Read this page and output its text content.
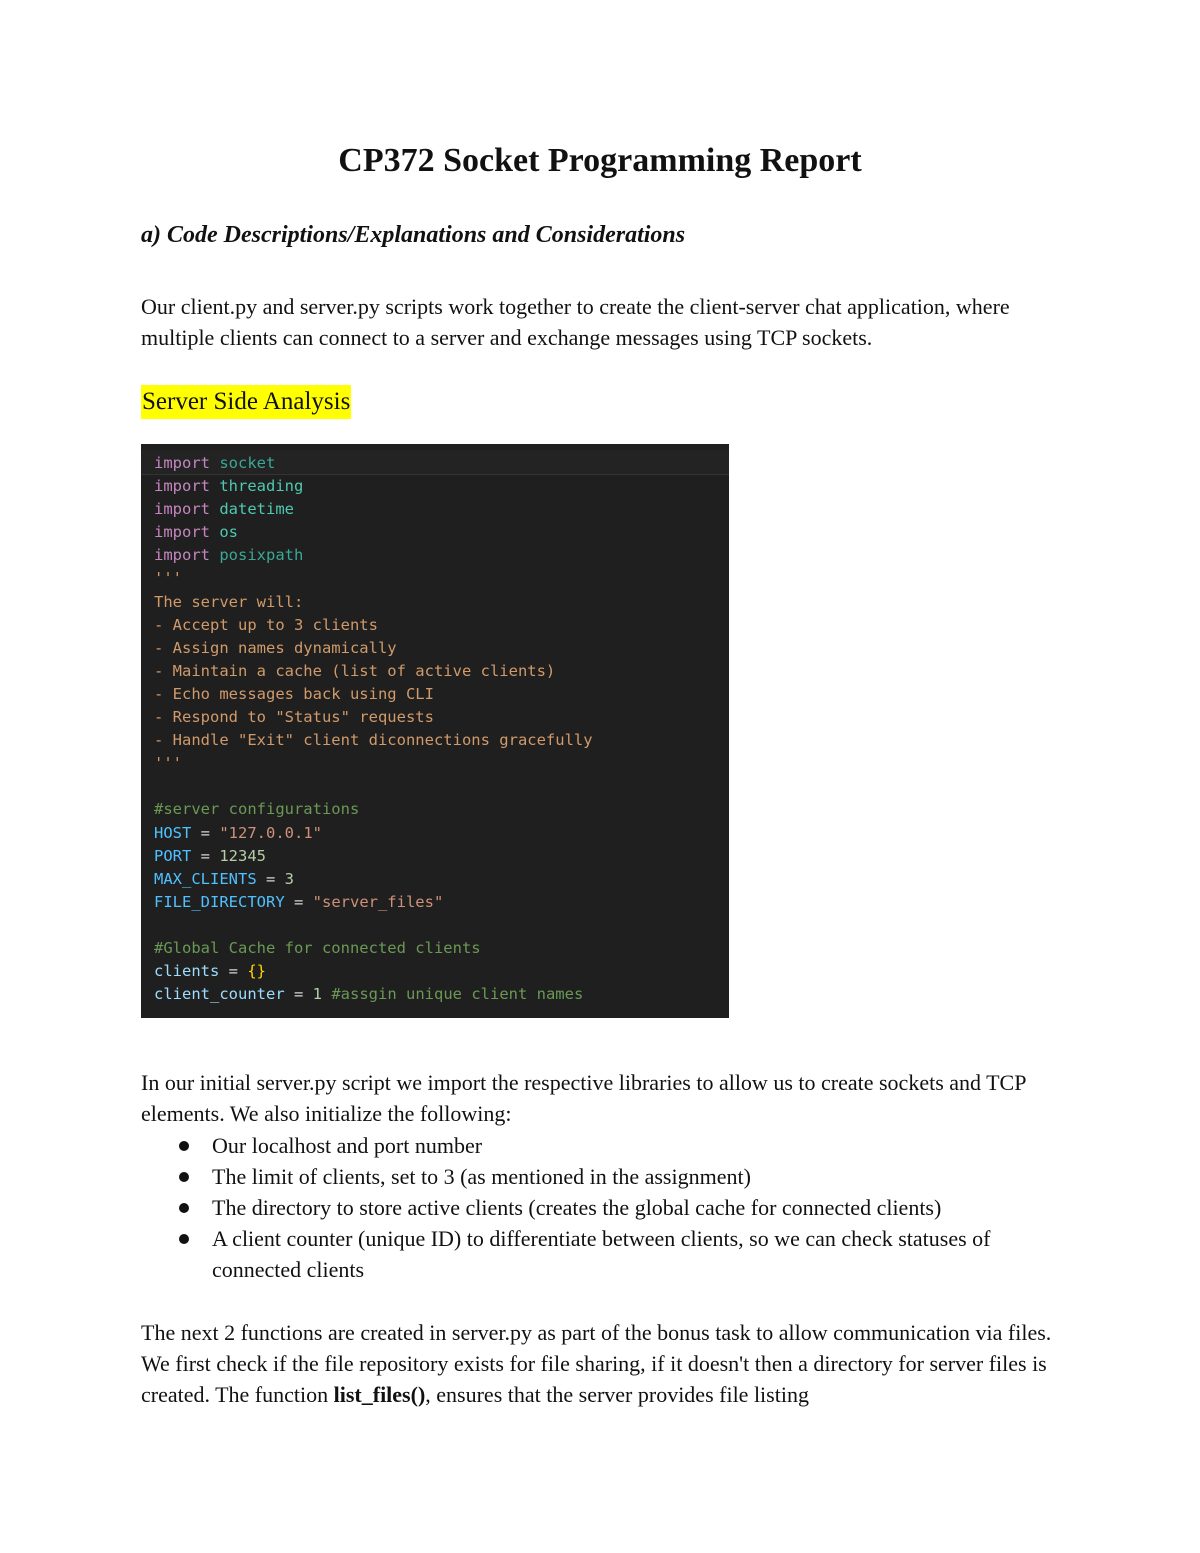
CP372 Socket Programming Report
a) Code Descriptions/Explanations and Considerations

Our client.py and server.py scripts work together to create the client-server chat application, where multiple clients can connect to a server and exchange messages using TCP sockets.

Server Side Analysis
import socket
import threading
import datetime
import os
import posixpath
'''
The server will:
- Accept up to 3 clients
- Assign names dynamically
- Maintain a cache (list of active clients)
- Echo messages back using CLI
- Respond to "Status" requests
- Handle "Exit" client diconnections gracefully
'''

#server configurations
HOST = "127.0.0.1"
PORT = 12345
MAX_CLIENTS = 3
FILE_DIRECTORY = "server_files"

#Global Cache for connected clients
clients = {}
client_counter = 1 #assgin unique client names

In our initial server.py script we import the respective libraries to allow us to create sockets and TCP elements. We also initialize the following:

Our localhost and port number
The limit of clients, set to 3 (as mentioned in the assignment)
The directory to store active clients (creates the global cache for connected clients)
A client counter (unique ID) to differentiate between clients, so we can check statuses of connected clients

The next 2 functions are created in server.py as part of the bonus task to allow communication via files. We first check if the file repository exists for file sharing, if it doesn't then a directory for server files is created. The function list_files(), ensures that the server provides file listing
